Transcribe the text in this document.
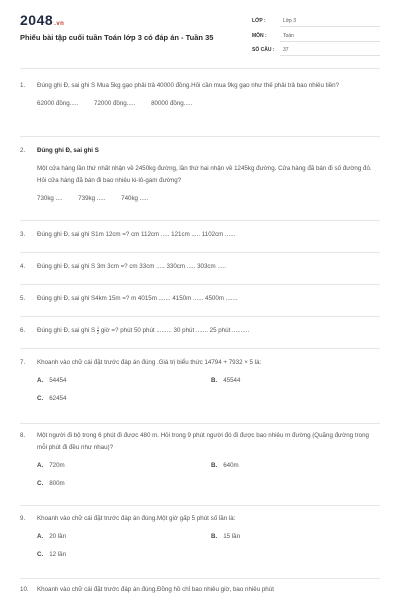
2048.vn
Phiếu bài tập cuối tuần Toán lớp 3 có đáp án - Tuần 35
LỚP :	Lớp 3
MÔN :	Toán
SỐ CÂU : 37
1. Đúng ghi Đ, sai ghi S Mua 5kg gạo phải trả 40000 đồng.Hỏi cần mua 9kg gạo như thế phải trả bao nhiêu tiền?
62000 đồng.....	72000 đồng.....	80000 đồng.....
2. Đúng ghi Đ, sai ghi S
Một cửa hàng lần thứ nhất nhận về 2450kg đường, lần thứ hai nhận về 1245kg đường. Cửa hàng đã bán đi số đường đó. Hỏi cửa hàng đã bán đi bao nhiêu ki-lô-gam đường?
730kg ....	739kg .....	740kg .....
3. Đúng ghi Đ, sai ghi S1m 12cm =? cm 112cm ..... 121cm ..... 1102cm ......
4. Đúng ghi Đ, sai ghi S 3m 3cm =? cm 33cm ..... 330cm ..... 303cm .....
5. Đúng ghi Đ, sai ghi S4km 15m =? m 4015m ....... 4150m ...... 4500m .......
6. Đúng ghi Đ, sai ghi S $\frac{1}{2}$ giờ =? phút 50 phút ......... 30 phút ....... 25 phút ..........
7. Khoanh vào chữ cái đặt trước đáp án đúng .Giá trị biểu thức 14794 + 7932 × 5 là:
A. 54454	B. 45544
C. 62454
8. Một người đi bộ trong 6 phút đi được 480 m. Hỏi trong 9 phút người đó đi được bao nhiêu m đường (Quãng đường trong mỗi phút đi đều như nhau)?
A. 720m	B. 640m
C. 800m
9. Khoanh vào chữ cái đặt trước đáp án đúng.Một giờ gấp 5 phút số lần là:
A. 20 lần	B. 15 lần
C. 12 lần
10. Khoanh vào chữ cái đặt trước đáp án đúng.Đồng hồ chỉ bao nhiêu giờ, bao nhiêu phút
